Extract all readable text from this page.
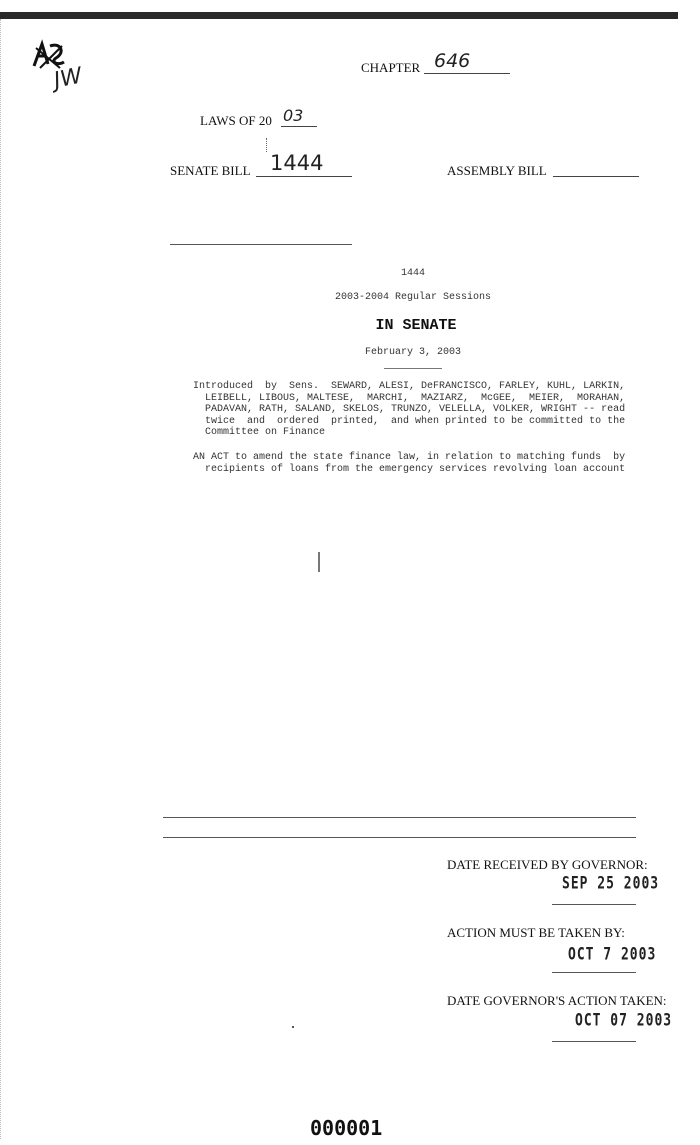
JW	CHAPTER 646
LAWS OF 20 03
SENATE BILL 1444	ASSEMBLY BILL
1444
2003-2004 Regular Sessions
IN SENATE
February 3, 2003
Introduced  by  Sens.  SEWARD, ALESI, DeFRANCISCO, FARLEY, KUHL, LARKIN,
LEIBELL, LIBOUS, MALTESE,  MARCHI,  MAZIARZ,  McGEE,  MEIER,  MORAHAN,
PADAVAN, RATH, SALAND, SKELOS, TRUNZO, VELELLA, VOLKER, WRIGHT -- read
twice  and  ordered  printed,  and when printed to be committed to the
Committee on Finance
AN ACT to amend the state finance law, in relation to matching funds  by
recipients of loans from the emergency services revolving loan account
DATE RECEIVED BY GOVERNOR:
SEP 25 2003
ACTION MUST BE TAKEN BY:
OCT 7 2003
DATE GOVERNOR'S ACTION TAKEN:
OCT 07 2003
000001
